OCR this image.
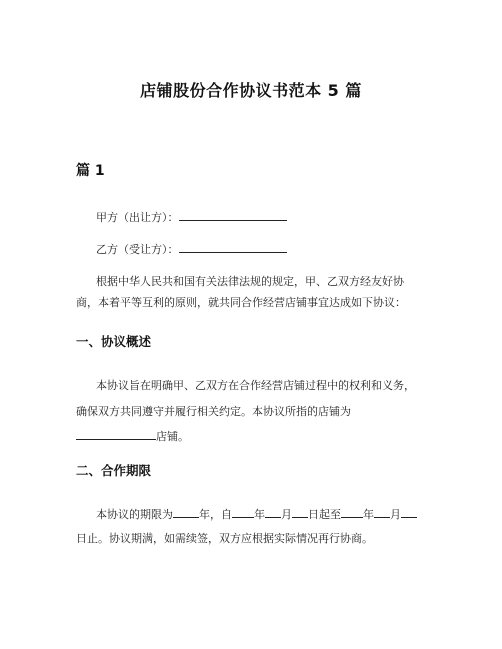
店铺股份合作协议书范本 5 篇
篇 1
甲方（出让方）：
乙方（受让方）：
根据中华人民共和国有关法律法规的规定，甲、乙双方经友好协
商，本着平等互利的原则，就共同合作经营店铺事宜达成如下协议：
一、协议概述
本协议旨在明确甲、乙双方在合作经营店铺过程中的权利和义务，
确保双方共同遵守并履行相关约定。本协议所指的店铺为
店铺。
二、合作期限
本协议的期限为 年，自 年 月 日起至 年 月
日止。协议期满，如需续签，双方应根据实际情况再行协商。
